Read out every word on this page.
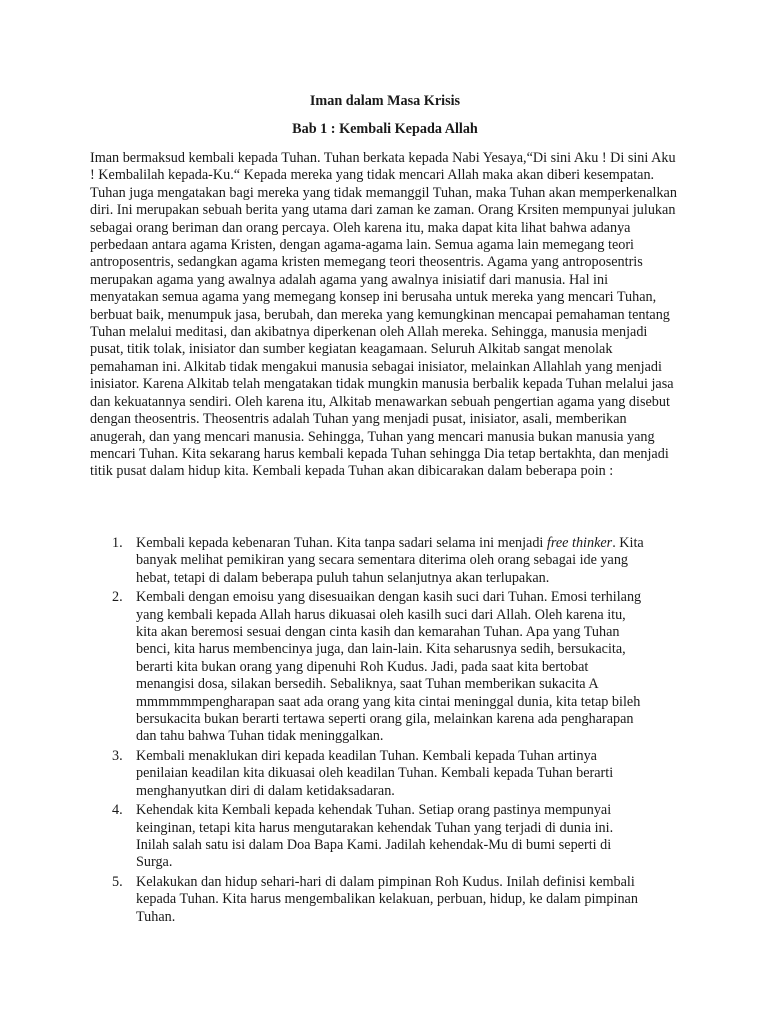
Iman dalam Masa Krisis

Bab 1 : Kembali Kepada Allah

Iman bermaksud kembali kepada Tuhan. Tuhan berkata kepada Nabi Yesaya,“Di sini Aku ! Di sini Aku ! Kembalilah kepada-Ku.“ Kepada mereka yang tidak mencari Allah maka akan diberi kesempatan. Tuhan juga mengatakan bagi mereka yang tidak memanggil Tuhan, maka Tuhan akan memperkenalkan diri. Ini merupakan sebuah berita yang utama dari zaman ke zaman. Orang Krsiten mempunyai julukan sebagai orang beriman dan orang percaya. Oleh karena itu, maka dapat kita lihat bahwa adanya perbedaan antara agama Kristen, dengan agama-agama lain. Semua agama lain memegang teori antroposentris, sedangkan agama kristen memegang teori theosentris. Agama yang antroposentris merupakan agama yang awalnya adalah agama yang awalnya inisiatif dari manusia. Hal ini menyatakan semua agama yang memegang konsep ini berusaha untuk mereka yang mencari Tuhan, berbuat baik, menumpuk jasa, berubah, dan mereka yang kemungkinan mencapai pemahaman tentang Tuhan melalui meditasi, dan akibatnya diperkenan oleh Allah mereka. Sehingga, manusia menjadi pusat, titik tolak, inisiator dan sumber kegiatan keagamaan. Seluruh Alkitab sangat menolak pemahaman ini. Alkitab tidak mengakui manusia sebagai inisiator, melainkan Allahlah yang menjadi inisiator. Karena Alkitab telah mengatakan tidak mungkin manusia berbalik kepada Tuhan melalui jasa dan kekuatannya sendiri. Oleh karena itu, Alkitab menawarkan sebuah pengertian agama yang disebut dengan theosentris. Theosentris adalah Tuhan yang menjadi pusat, inisiator, asali, memberikan anugerah, dan yang mencari manusia. Sehingga, Tuhan yang mencari manusia bukan manusia yang mencari Tuhan. Kita sekarang harus kembali kepada Tuhan sehingga Dia tetap bertakhta, dan menjadi titik pusat dalam hidup kita. Kembali kepada Tuhan akan dibicarakan dalam beberapa poin :

1. Kembali kepada kebenaran Tuhan. Kita tanpa sadari selama ini menjadi free thinker. Kita banyak melihat pemikiran yang secara sementara diterima oleh orang sebagai ide yang hebat, tetapi di dalam beberapa puluh tahun selanjutnya akan terlupakan.
2. Kembali dengan emoisu yang disesuaikan dengan kasih suci dari Tuhan. Emosi terhilang yang kembali kepada Allah harus dikuasai oleh kasilh suci dari Allah. Oleh karena itu, kita akan beremosi sesuai dengan cinta kasih dan kemarahan Tuhan. Apa yang Tuhan benci, kita harus membencinya juga, dan lain-lain. Kita seharusnya sedih, bersukacita, berarti kita bukan orang yang dipenuhi Roh Kudus. Jadi, pada saat kita bertobat menangisi dosa, silakan bersedih. Sebaliknya, saat Tuhan memberikan sukacita A mmmmmmpengharapan saat ada orang yang kita cintai meninggal dunia, kita tetap bileh bersukacita bukan berarti tertawa seperti orang gila, melainkan karena ada pengharapan dan tahu bahwa Tuhan tidak meninggalkan.
3. Kembali menaklukan diri kepada keadilan Tuhan. Kembali kepada Tuhan artinya penilaian keadilan kita dikuasai oleh keadilan Tuhan. Kembali kepada Tuhan berarti menghanyutkan diri di dalam ketidaksadaran.
4. Kehendak kita Kembali kepada kehendak Tuhan. Setiap orang pastinya mempunyai keinginan, tetapi kita harus mengutarakan kehendak Tuhan yang terjadi di dunia ini. Inilah salah satu isi dalam Doa Bapa Kami. Jadilah kehendak-Mu di bumi seperti di Surga.
5. Kelakukan dan hidup sehari-hari di dalam pimpinan Roh Kudus. Inilah definisi kembali kepada Tuhan. Kita harus mengembalikan kelakuan, perbuan, hidup, ke dalam pimpinan Tuhan.
